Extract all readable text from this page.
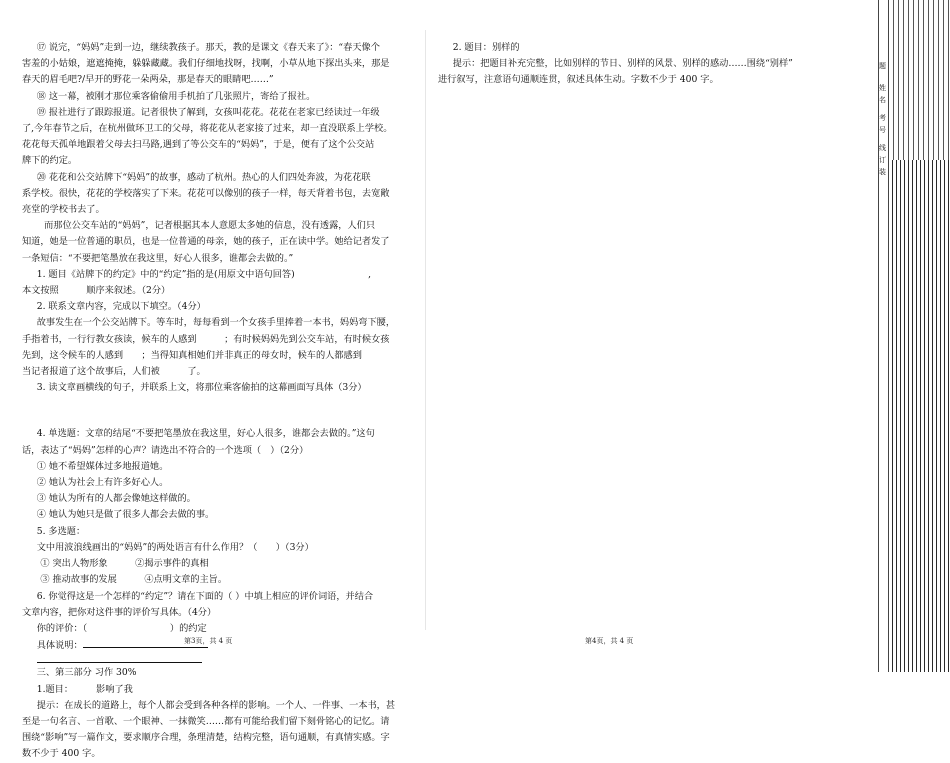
⑰ 说完，“妈妈”走到一边，继续教孩子。那天，教的是课文《春天来了》：“春天像个

害羞的小姑娘，遮遮掩掩，躲躲藏藏。我们仔细地找呀，找啊，小草从地下探出头来，那是

春天的眉毛吧?/早开的野花一朵两朵，那是春天的眼睛吧……”

⑱ 这一幕，被刚才那位乘客偷偷用手机拍了几张照片，寄给了报社。

⑲ 报社进行了跟踪报道。记者很快了解到，女孩叫花花。花花在老家已经读过一年级

了,今年春节之后，在杭州做环卫工的父母，将花花从老家接了过来，却一直没联系上学校。

花花每天孤单地跟着父母去扫马路,遇到了等公交车的“妈妈”，于是，便有了这个公交站

牌下的约定。

⑳ 花花和公交站牌下“妈妈”的故事，感动了杭州。热心的人们四处奔波，为花花联

系学校。很快，花花的学校落实了下来。花花可以像别的孩子一样，每天背着书包，去宽敞

亮堂的学校书去了。

而那位公交车站的“妈妈”，记者根据其本人意愿太多她的信息，没有透露，人们只

知道，她是一位普通的职员，也是一位普通的母亲，她的孩子，正在读中学。她给记者发了

一条短信：“不要把笔墨放在我这里，好心人很多，谁都会去做的。”

1. 题目《站牌下的约定》中的“约定”指的是(用原文中语句回答)　　　　　　　　,

本文按照　　　顺序来叙述。（2分）

2. 联系文章内容，完成以下填空。（4分）

故事发生在一个公交站牌下。等车时，每每看到一个女孩手里捧着一本书，妈妈弯下腰，

手指着书，一行行教女孩读，候车的人感到　　　；有时候妈妈先到公交车站，有时候女孩

先到，这令候车的人感到　　；当得知真相她们并非真正的母女时，候车的人都感到

当记者报道了这个故事后，人们被　　　了。

3. 读文章画横线的句子，并联系上文，将那位乘客偷拍的这幕画面写具体（3分）

4. 单选题：文章的结尾“不要把笔墨放在我这里，好心人很多，谁都会去做的。”这句

话，表达了“妈妈”怎样的心声？请选出不符合的一个选项（　）（2分）

① 她不希望媒体过多地报道她。

② 她认为社会上有许多好心人。

③ 她认为所有的人都会像她这样做的。

④ 她认为她只是做了很多人都会去做的事。

5. 多选题：

文中用波浪线画出的“妈妈”的两处语言有什么作用？（　　）（3分）

① 突出人物形象　　　②揭示事件的真相

③ 推动故事的发展　　　④点明文章的主旨。

6. 你觉得这是一个怎样的“约定”？请在下面的（ ）中填上相应的评价词语，并结合

文章内容，把你对这件事的评价写具体。（4分）

你的评价：（　　　　　　　　　）的约定

具体说明：

三、第三部分 习作 30%

1.题目：　　　影响了我

提示：在成长的道路上，每个人都会受到各种各样的影响。一个人、一件事、一本书，甚

至是一句名言、一首歌、一个眼神、一抹微笑……都有可能给我们留下刻骨铭心的记忆。请

围绕“影响”写一篇作文，要求顺序合理，条理清楚，结构完整，语句通顺，有真情实感。字

数不少于 400 字。

2. 题目：别样的

提示：把题目补充完整，比如别样的节日、别样的风景、别样的感动……围绕“别样”

进行叙写，注意语句通顺连贯，叙述具体生动。字数不少于 400 字。

第3页，共 4 页	第4页，共 4 页
题
姓
名
考
号
线
订
装
